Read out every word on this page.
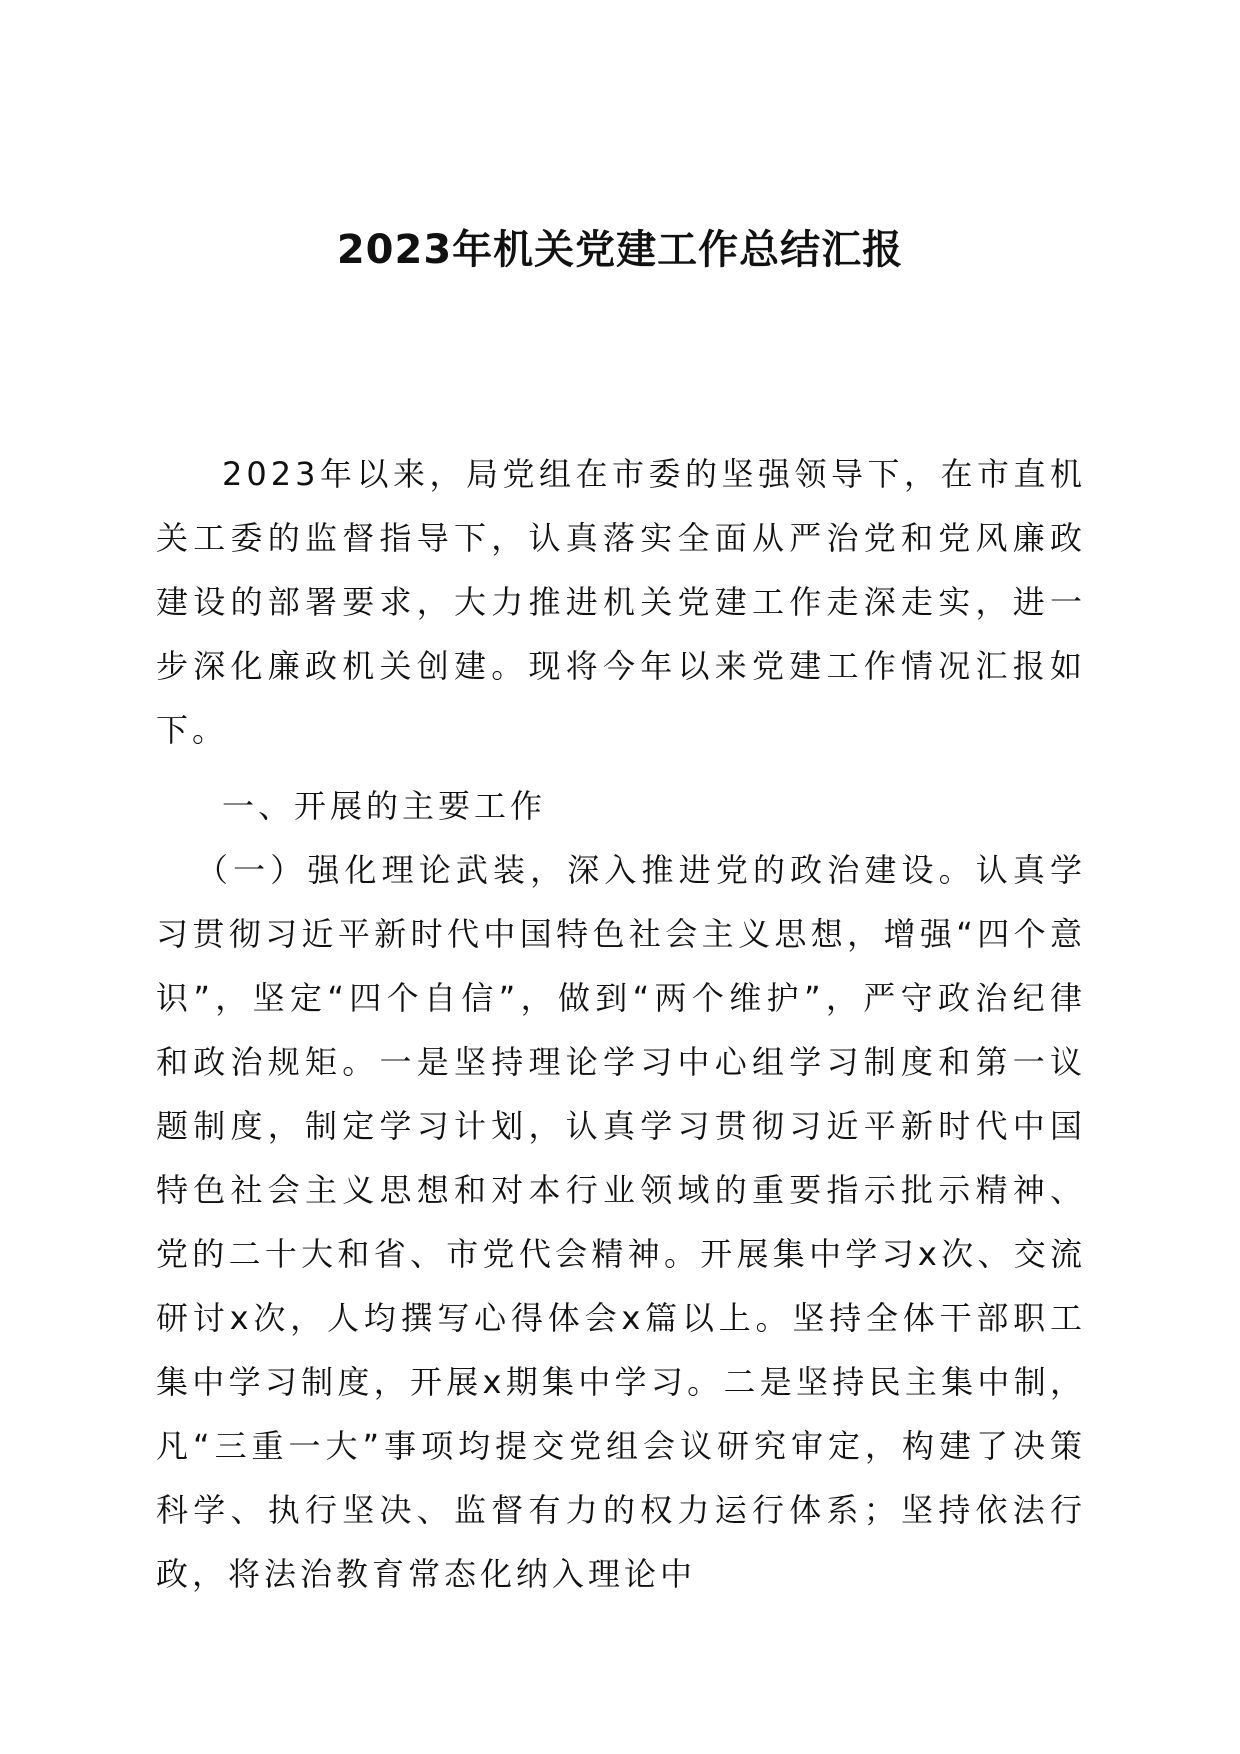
2023年机关党建工作总结汇报

2023年以来，局党组在市委的坚强领导下，在市直机关工委的监督指导下，认真落实全面从严治党和党风廉政建设的部署要求，大力推进机关党建工作走深走实，进一步深化廉政机关创建。现将今年以来党建工作情况汇报如下。

一、开展的主要工作

（一）强化理论武装，深入推进党的政治建设。认真学习贯彻习近平新时代中国特色社会主义思想，增强“四个意识”，坚定“四个自信”，做到“两个维护”，严守政治纪律和政治规矩。一是坚持理论学习中心组学习制度和第一议题制度，制定学习计划，认真学习贯彻习近平新时代中国特色社会主义思想和对本行业领域的重要指示批示精神、党的二十大和省、市党代会精神。开展集中学习x次、交流研讨x次，人均撰写心得体会x篇以上。坚持全体干部职工集中学习制度，开展x期集中学习。二是坚持民主集中制，凡“三重一大”事项均提交党组会议研究审定，构建了决策科学、执行坚决、监督有力的权力运行体系；坚持依法行政，将法治教育常态化纳入理论中
